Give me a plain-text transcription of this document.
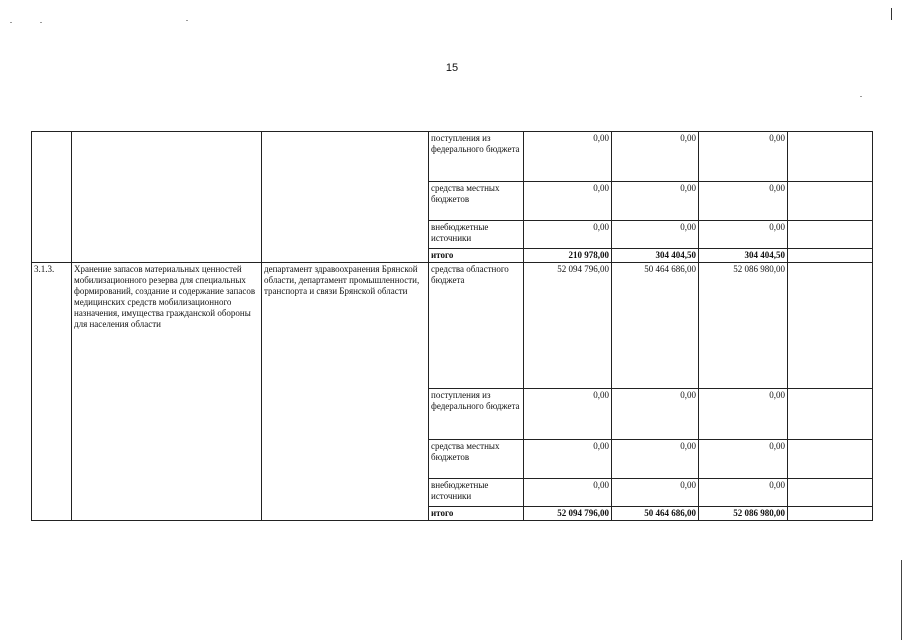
15
			поступления из федерального бюджета	0,00	0,00	0,00	
			средства местных бюджетов	0,00	0,00	0,00	
			внебюджетные источники	0,00	0,00	0,00	
			итого	210 978,00	304 404,50	304 404,50	
3.1.3.	Хранение запасов материальных ценностей мобилизационного резерва для специальных формирований, создание и содержание запасов медицинских средств мобилизационного назначения, имущества гражданской обороны для населения области	департамент здравоохранения Брянской области, департамент промышленности, транспорта и связи Брянской области	средства областного бюджета	52 094 796,00	50 464 686,00	52 086 980,00	
			поступления из федерального бюджета	0,00	0,00	0,00	
			средства местных бюджетов	0,00	0,00	0,00	
			внебюджетные источники	0,00	0,00	0,00	
			итого	52 094 796,00	50 464 686,00	52 086 980,00	
